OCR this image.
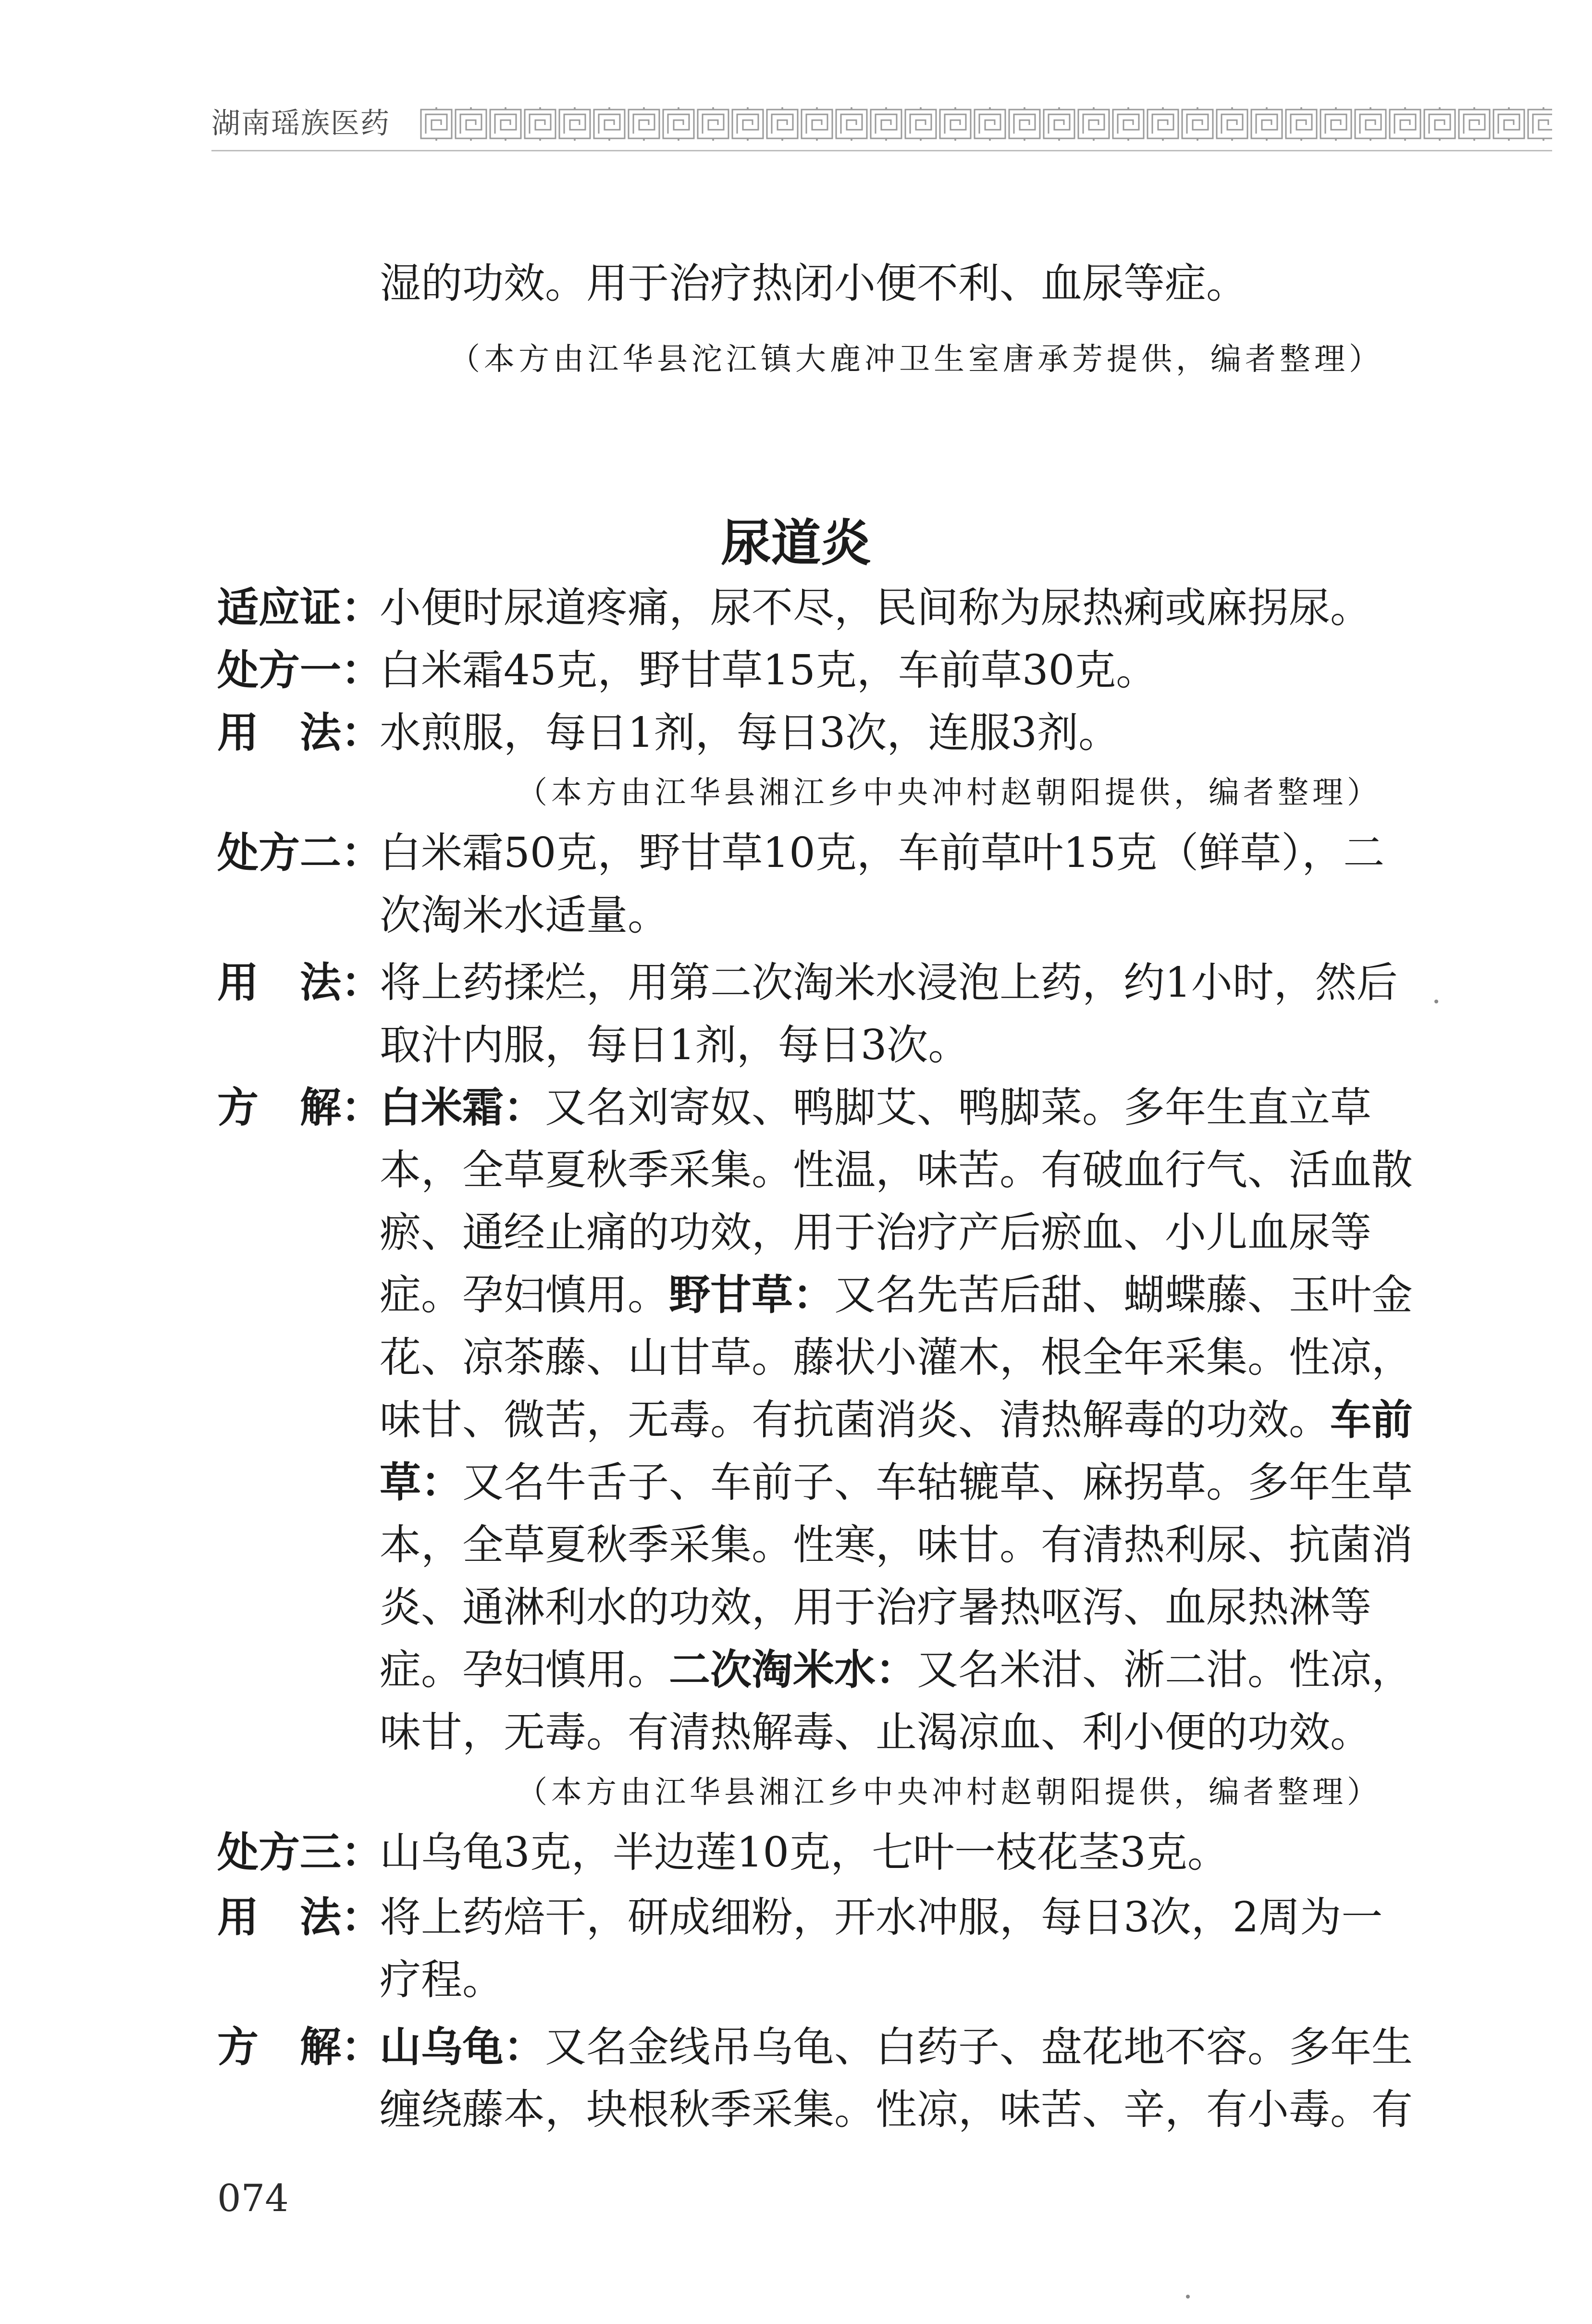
湖南瑶族医药
湿的功效。用于治疗热闭小便不利、血尿等症。
（本方由江华县沱江镇大鹿冲卫生室唐承芳提供，编者整理）
尿道炎
适应证：
小便时尿道疼痛，尿不尽，民间称为尿热痢或麻拐尿。
处方一：
白米霜45克，野甘草15克，车前草30克。
用　法：
水煎服，每日1剂，每日3次，连服3剂。
（本方由江华县湘江乡中央冲村赵朝阳提供，编者整理）
处方二：
白米霜50克，野甘草10克，车前草叶15克（鲜草），二
次淘米水适量。
用　法：
将上药揉烂，用第二次淘米水浸泡上药，约1小时，然后
取汁内服，每日1剂，每日3次。
方　解：
白米霜：又名刘寄奴、鸭脚艾、鸭脚菜。多年生直立草
本，全草夏秋季采集。性温，味苦。有破血行气、活血散
瘀、通经止痛的功效，用于治疗产后瘀血、小儿血尿等
症。孕妇慎用。野甘草：又名先苦后甜、蝴蝶藤、玉叶金
花、凉茶藤、山甘草。藤状小灌木，根全年采集。性凉，
味甘、微苦，无毒。有抗菌消炎、清热解毒的功效。车前
草：又名牛舌子、车前子、车轱辘草、麻拐草。多年生草
本，全草夏秋季采集。性寒，味甘。有清热利尿、抗菌消
炎、通淋利水的功效，用于治疗暑热呕泻、血尿热淋等
症。孕妇慎用。二次淘米水：又名米泔、淅二泔。性凉，
味甘，无毒。有清热解毒、止渴凉血、利小便的功效。
（本方由江华县湘江乡中央冲村赵朝阳提供，编者整理）
处方三：
山乌龟3克，半边莲10克，七叶一枝花茎3克。
用　法：
将上药焙干，研成细粉，开水冲服，每日3次，2周为一
疗程。
方　解：
山乌龟：又名金线吊乌龟、白药子、盘花地不容。多年生
缠绕藤本，块根秋季采集。性凉，味苦、辛，有小毒。有
074
